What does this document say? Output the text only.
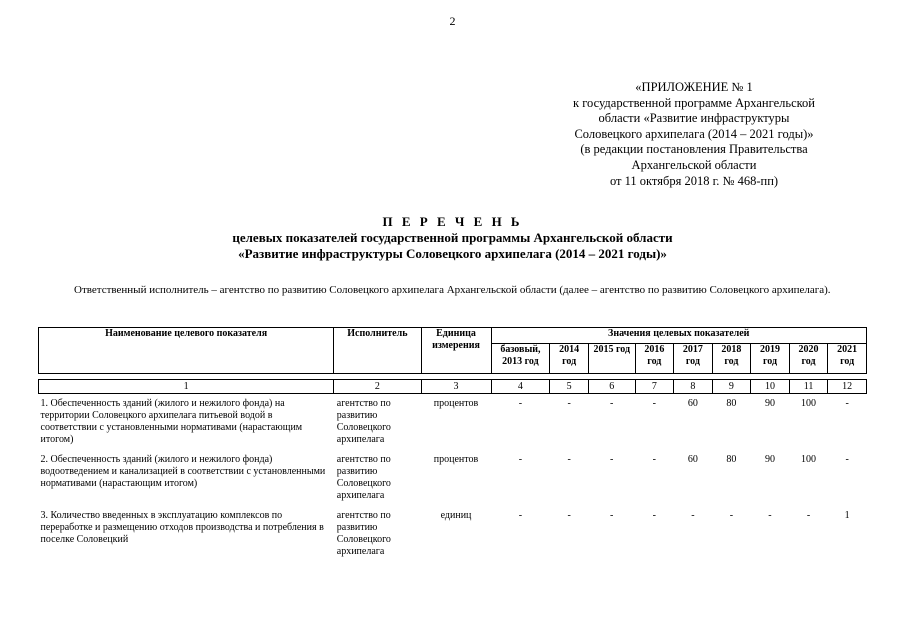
2
«ПРИЛОЖЕНИЕ № 1
к государственной программе Архангельской
области «Развитие инфраструктуры
Соловецкого архипелага (2014 – 2021 годы)»
(в редакции постановления Правительства
Архангельской области
от 11 октября 2018 г. № 468-пп)
П Е Р Е Ч Е Н Ь
целевых показателей государственной программы Архангельской области
«Развитие инфраструктуры Соловецкого архипелага (2014 – 2021 годы)»
Ответственный исполнитель – агентство по развитию Соловецкого архипелага Архангельской области (далее – агентство по развитию Соловецкого архипелага).
Наименование целевого показателя	Исполнитель	Единица измерения	Значения целевых показателей								
			базовый, 2013 год	2014 год	2015 год	2016 год	2017 год	2018 год	2019 год	2020 год	2021 год

1	2	3	4	5	6	7	8	9	10	11	12
1. Обеспеченность зданий (жилого и нежилого фонда) на территории Соловецкого архипелага питьевой водой в соответствии с установленными нормативами (нарастающим итогом)	агентство по развитию Соловецкого архипелага	процентов	-	-	-	-	60	80	90	100	-
2. Обеспеченность зданий (жилого и нежилого фонда) водоотведением и канализацией в соответствии с установленными нормативами (нарастающим итогом)	агентство по развитию Соловецкого архипелага	процентов	-	-	-	-	60	80	90	100	-
3. Количество введенных в эксплуатацию комплексов по переработке и размещению отходов производства и потребления в поселке Соловецкий	агентство по развитию Соловецкого архипелага	единиц	-	-	-	-	-	-	-	-	1
